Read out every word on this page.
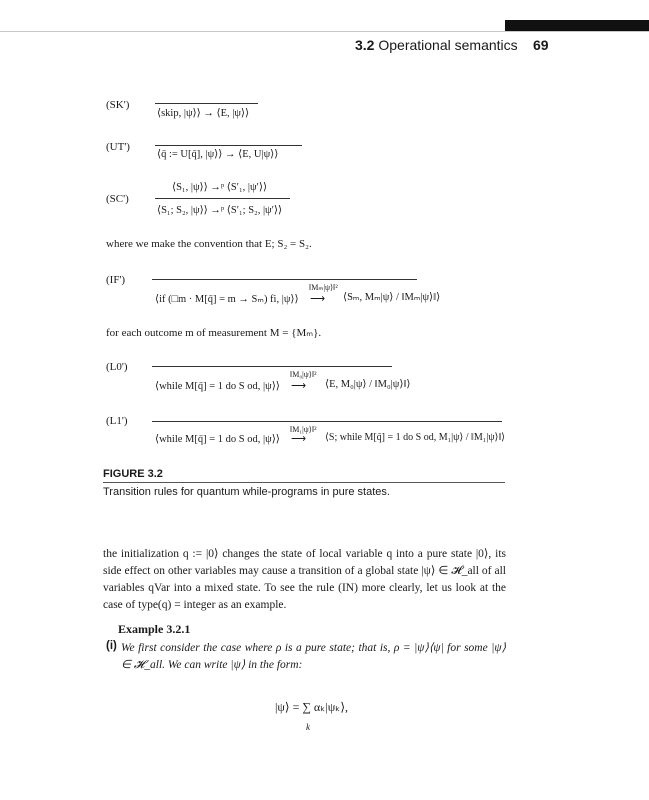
3.2 Operational semantics 69
(SK')
⟨skip, |ψ⟩⟩ → ⟨E, |ψ⟩⟩
(UT')
⟨q̄ := U[q̄], |ψ⟩⟩ → ⟨E, U|ψ⟩⟩
(SC')
⟨S₁, |ψ⟩⟩ →ᵖ ⟨S′₁, |ψ′⟩⟩
⟨S₁; S₂, |ψ⟩⟩ →ᵖ ⟨S′₁; S₂, |ψ′⟩⟩
where we make the convention that E; S₂ = S₂.
(IF')
‖Mₘ|ψ⟩‖²
⟨if (□m · M[q̄] = m → Sₘ) fi, |ψ⟩⟩ ⟶ ⟨Sₘ, Mₘ|ψ⟩ / ‖Mₘ|ψ⟩‖⟩
for each outcome m of measurement M = {Mₘ}.
(L0')
‖M₀|ψ⟩‖²
⟨while M[q̄] = 1 do S od, |ψ⟩⟩ ⟶ ⟨E, M₀|ψ⟩ / ‖M₀|ψ⟩‖⟩
(L1')
‖M₁|ψ⟩‖²
⟨while M[q̄] = 1 do S od, |ψ⟩⟩ ⟶ ⟨S; while M[q̄] = 1 do S od, M₁|ψ⟩ / ‖M₁|ψ⟩‖⟩
FIGURE 3.2
Transition rules for quantum while-programs in pure states.
the initialization q := |0⟩ changes the state of local variable q into a pure state |0⟩, its side effect on other variables may cause a transition of a global state |ψ⟩ ∈ 𝓗_all of all variables qVar into a mixed state. To see the rule (IN) more clearly, let us look at the case of type(q) = integer as an example.
Example 3.2.1
(i) We first consider the case where ρ is a pure state; that is, ρ = |ψ⟩⟨ψ| for some |ψ⟩ ∈ 𝓗_all. We can write |ψ⟩ in the form:
|ψ⟩ = ∑ αₖ|ψₖ⟩,
k
